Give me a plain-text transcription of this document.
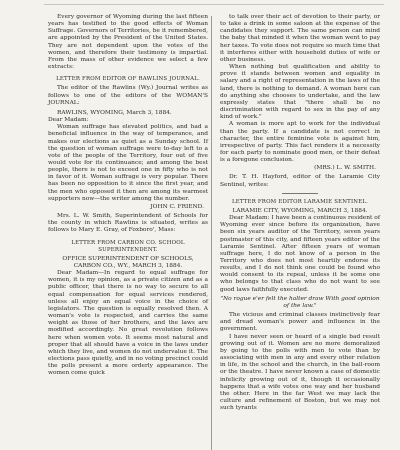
Every governor of Wyoming during the last fifteen years has testified to the good effects of Woman Suffrage. Governors of Territories, be it remembered, are appointed by the President of the United States. They are not dependent upon the votes of the women, and therefore their testimony is impartial. From the mass of other evidence we select a few extracts:

LETTER FROM EDITOR OF RAWLINS JOURNAL.

The editor of the Rawlins (Wy.) Journal writes as follows to one of the editors of the WOMAN'S JOURNAL:

RAWLINS, WYOMING, March 3, 1884.
Dear Madam:

Woman suffrage has elevated politics, and had a beneficial influence in the way of temperance, and makes our elections as quiet as a Sunday school. If the question of woman suffrage were to-day left to a vote of the people of the Territory, four out of five would vote for its continuance; and among the best people, there is not to exceed one in fifty who is not in favor of it. Woman suffrage is very popular. There has been no opposition to it since the first year, and the men who opposed it then are among its warmest supporters now—the writer among the number.

JOHN C. FRIEND.

Mrs. L. W. Smith, Superintendent of Schools for the county in which Rawlins is situated, writes as follows to Mary E. Gray, of Foxboro', Mass:

LETTER FROM CARBON CO. SCHOOL SUPERINTENDENT.
OFFICE SUPERINTENDENT OF SCHOOLS, CARBON CO., WY., MARCH 3, 1884.

Dear Madam—In regard to equal suffrage for women, it is my opinion, as a private citizen and as a public officer, that there is no way to secure to all equal compensation for equal services rendered, unless all enjoy an equal voice in the choice of legislators. The question is equally resolved then. A woman's vote is respected, and carries the same weight as those of her brothers, and the laws are modified accordingly. No great revolution follows here when women vote. It seems most natural and proper that all should have a voice in the laws under which they live, and women do not undervalue it. The elections pass quietly, and in no voting precinct could the polls present a more orderly appearance. The women come quick

to talk over their act of devotion to their party, or to take a drink in some saloon at the expense of the candidates they support. The same person can mind the baby that minded it when the woman went to pay her taxes. To vote does not require so much time that it interferes either with household duties of wife or other business.

When nothing but qualification and ability to prove it stands between women and equality in salary and a right of representation in the laws of the land, there is nothing to demand. A woman here can do anything she chooses to undertake, and the law expressly states that "there shall be no discrimination with regard to sex in the pay of any kind of work."

A woman is more apt to work for the individual than the party. If a candidate is not correct in character, the entire feminine vote is against him, irrespective of party. This fact renders it a necessity for each party to nominate good men, or their defeat is a foregone conclusion.

(MRS.) L. W. SMITH.

Dr. T. H. Hayford, editor of the Laramie City Sentinel, writes:

LETTER FROM EDITOR LARAMIE SENTINEL.
LARAMIE CITY, WYOMING, MARCH 3, 1884.

Dear Madam: I have been a continuous resident of Wyoming ever since before its organization, have been six years auditor of the Territory, seven years postmaster of this city, and fifteen years editor of the Laramie Sentinel. After fifteen years of woman suffrage here, I do not know of a person in the Territory who does not most heartily endorse its results, and I do not think one could be found who would consent to its repeal, unless it be some one who belongs to that class who do not want to see good laws faithfully executed.

"No rogue e'er felt the halter draw With good opinion of the law."

The vicious and criminal classes instinctively fear and dread woman's power and influence in the government.

I have never seen or heard of a single bad result growing out of it. Women are no more demoralized by going to the polls with men to vote than by associating with men in any and every other relation in life, in the school and the church, in the ball-room or the theatre. I have never known a case of domestic infelicity growing out of it, though it occasionally happens that a wife votes one way and her husband the other. Here in the far West we may lack the culture and refinement of Boston, but we may not such tyrants
